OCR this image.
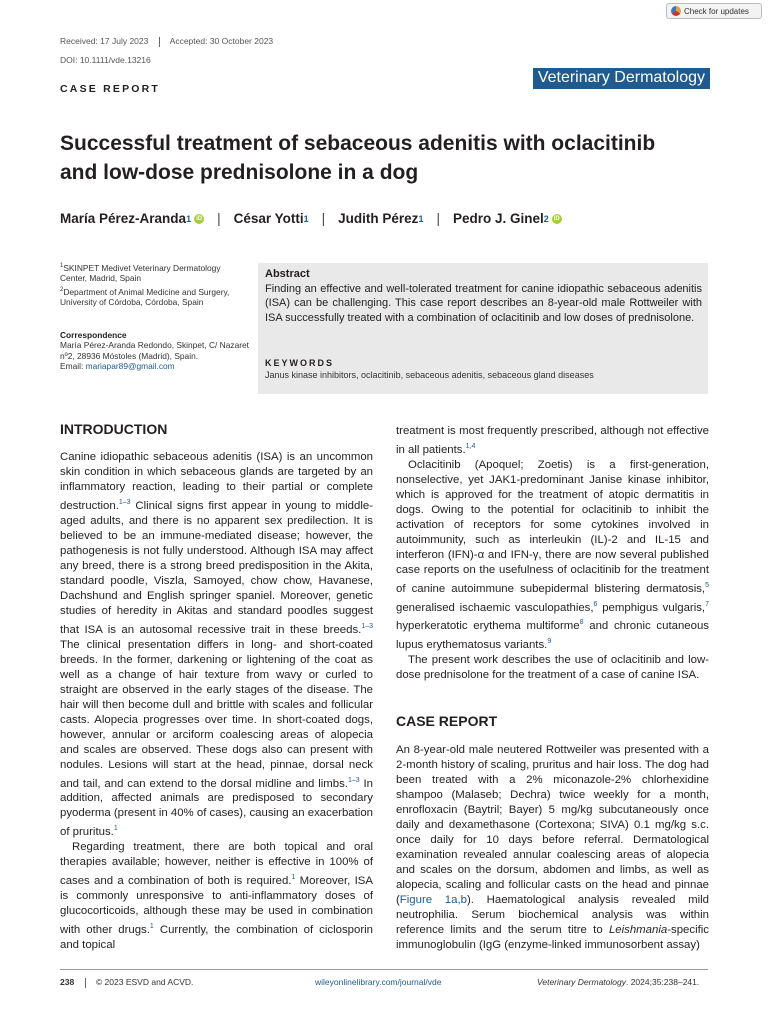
Check for updates
Received: 17 July 2023	Accepted: 30 October 2023
DOI: 10.1111/vde.13216
Veterinary Dermatology
CASE REPORT
Successful treatment of sebaceous adenitis with oclacitinib and low-dose prednisolone in a dog
María Pérez-Aranda 1 iD | César Yotti 1 | Judith Pérez 1 | Pedro J. Ginel 2 iD
$^1$SKINPET Medivet Veterinary Dermatology Center, Madrid, Spain
$^2$Department of Animal Medicine and Surgery, University of Córdoba, Córdoba, Spain
Correspondence
María Pérez-Aranda Redondo, Skinpet, C/ Nazaret nº2, 28936 Móstoles (Madrid), Spain.
Email: mariapar89@gmail.com
Abstract
Finding an effective and well-tolerated treatment for canine idiopathic sebaceous adenitis (ISA) can be challenging. This case report describes an 8-year-old male Rottweiler with ISA successfully treated with a combination of oclacitinib and low doses of prednisolone.
KEYWORDS
Janus kinase inhibitors, oclacitinib, sebaceous adenitis, sebaceous gland diseases
INTRODUCTION

Canine idiopathic sebaceous adenitis (ISA) is an uncommon skin condition in which sebaceous glands are targeted by an inflammatory reaction, leading to their partial or complete destruction.$^{1-3}$ Clinical signs first appear in young to middle-aged adults, and there is no apparent sex predilection. It is believed to be an immune-mediated disease; however, the pathogenesis is not fully understood. Although ISA may affect any breed, there is a strong breed predisposition in the Akita, standard poodle, Viszla, Samoyed, chow chow, Havanese, Dachshund and English springer spaniel. Moreover, genetic studies of heredity in Akitas and standard poodles suggest that ISA is an autosomal recessive trait in these breeds.$^{1-3}$ The clinical presentation differs in long- and short-coated breeds. In the former, darkening or lightening of the coat as well as a change of hair texture from wavy or curled to straight are observed in the early stages of the disease. The hair will then become dull and brittle with scales and follicular casts. Alopecia progresses over time. In short-coated dogs, however, annular or arciform coalescing areas of alopecia and scales are observed. These dogs also can present with nodules. Lesions will start at the head, pinnae, dorsal neck and tail, and can extend to the dorsal midline and limbs.$^{1-3}$ In addition, affected animals are predisposed to secondary pyoderma (present in 40% of cases), causing an exacerbation of pruritus.$^1$

Regarding treatment, there are both topical and oral therapies available; however, neither is effective in 100% of cases and a combination of both is required.$^1$ Moreover, ISA is commonly unresponsive to anti-inflammatory doses of glucocorticoids, although these may be used in combination with other drugs.$^1$ Currently, the combination of ciclosporin and topical

treatment is most frequently prescribed, although not effective in all patients.$^{1,4}$

Oclacitinib (Apoquel; Zoetis) is a first-generation, nonselective, yet JAK1-predominant Janise kinase inhibitor, which is approved for the treatment of atopic dermatitis in dogs. Owing to the potential for oclacitinib to inhibit the activation of receptors for some cytokines involved in autoimmunity, such as interleukin (IL)-2 and IL-15 and interferon (IFN)-α and IFN-γ, there are now several published case reports on the usefulness of oclacitinib for the treatment of canine autoimmune subepidermal blistering dermatosis,$^5$ generalised ischaemic vasculopathies,$^6$ pemphigus vulgaris,$^7$ hyperkeratotic erythema multiforme$^8$ and chronic cutaneous lupus erythematosus variants.$^9$

The present work describes the use of oclacitinib and low-dose prednisolone for the treatment of a case of canine ISA.

CASE REPORT

An 8-year-old male neutered Rottweiler was presented with a 2-month history of scaling, pruritus and hair loss. The dog had been treated with a 2% miconazole-2% chlorhexidine shampoo (Malaseb; Dechra) twice weekly for a month, enrofloxacin (Baytril; Bayer) 5 mg/kg subcutaneously once daily and dexamethasone (Cortexona; SIVA) 0.1 mg/kg s.c. once daily for 10 days before referral. Dermatological examination revealed annular coalescing areas of alopecia and scales on the dorsum, abdomen and limbs, as well as alopecia, scaling and follicular casts on the head and pinnae (Figure 1a,b). Haematological analysis revealed mild neutrophilia. Serum biochemical analysis was within reference limits and the serum titre to Leishmania-specific immunoglobulin (IgG (enzyme-linked immunosorbent assay)

238	© 2023 ESVD and ACVD.	wileyonlinelibrary.com/journal/vde	Veterinary Dermatology. 2024;35:238–241.
